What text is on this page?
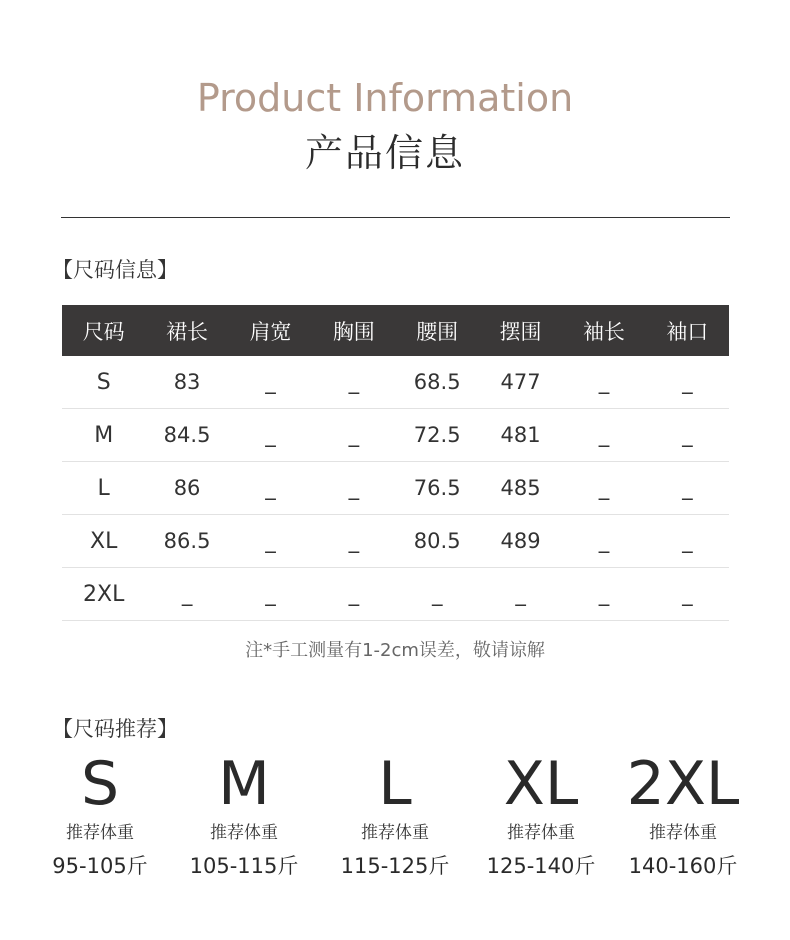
Product Information
产品信息
【尺码信息】
尺码	裙长	肩宽	胸围	腰围	摆围	袖长	袖口
S	83	_	_	68.5	477	_	_
M	84.5	_	_	72.5	481	_	_
L	86	_	_	76.5	485	_	_
XL	86.5	_	_	80.5	489	_	_
2XL	_	_	_	_	_	_	_
注*手工测量有1-2cm误差，敬请谅解
【尺码推荐】
S
推荐体重
95-105斤
M
推荐体重
105-115斤
L
推荐体重
115-125斤
XL
推荐体重
125-140斤
2XL
推荐体重
140-160斤
